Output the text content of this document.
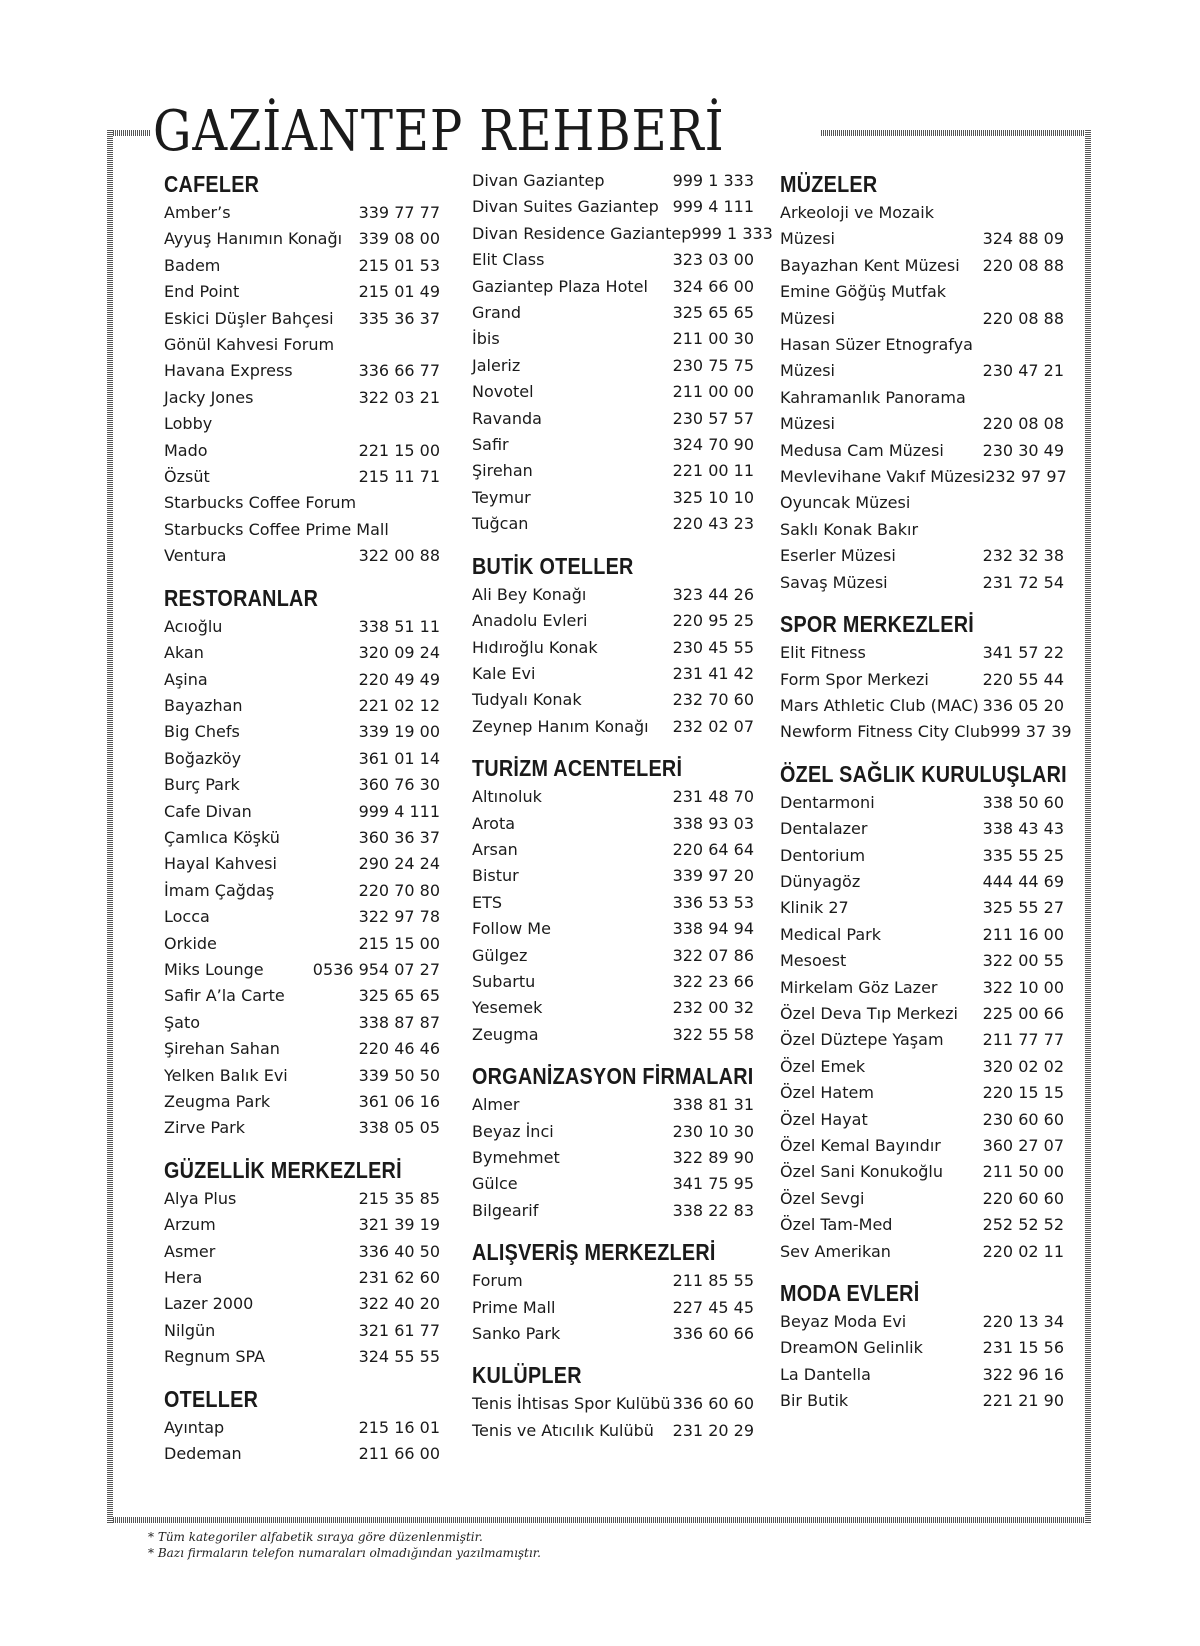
GAZİANTEP REHBERİ
CAFELER
Amber’s	339 77 77
Ayyuş Hanımın Konağı 339 08 00
Badem	215 01 53
End Point	215 01 49
Eskici Düşler Bahçesi 335 36 37
Gönül Kahvesi Forum
Havana Express	336 66 77
Jacky Jones	322 03 21
Lobby
Mado	221 15 00
Özsüt	215 11 71
Starbucks Coffee Forum
Starbucks Coffee Prime Mall
Ventura	322 00 88
RESTORANLAR
Acıoğlu	338 51 11
Akan	320 09 24
Aşina	220 49 49
Bayazhan	221 02 12
Big Chefs	339 19 00
Boğazköy	361 01 14
Burç Park	360 76 30
Cafe Divan	999 4 111
Çamlıca Köşkü	360 36 37
Hayal Kahvesi	290 24 24
İmam Çağdaş	220 70 80
Locca	322 97 78
Orkide	215 15 00
Miks Lounge	0536 954 07 27
Safir A’la Carte	325 65 65
Şato	338 87 87
Şirehan Sahan	220 46 46
Yelken Balık Evi	339 50 50
Zeugma Park	361 06 16
Zirve Park	338 05 05
GÜZELLİK MERKEZLERİ
Alya Plus	215 35 85
Arzum	321 39 19
Asmer	336 40 50
Hera	231 62 60
Lazer 2000	322 40 20
Nilgün	321 61 77
Regnum SPA	324 55 55
OTELLER
Ayıntap	215 16 01
Dedeman	211 66 00
Divan Gaziantep	999 1 333
Divan Suites Gaziantep 999 4 111
Divan Residence Gaziantep 999 1 333
Elit Class	323 03 00
Gaziantep Plaza Hotel 324 66 00
Grand	325 65 65
İbis	211 00 30
Jaleriz	230 75 75
Novotel	211 00 00
Ravanda	230 57 57
Safir	324 70 90
Şirehan	221 00 11
Teymur	325 10 10
Tuğcan	220 43 23
BUTİK OTELLER
Ali Bey Konağı	323 44 26
Anadolu Evleri	220 95 25
Hıdıroğlu Konak	230 45 55
Kale Evi	231 41 42
Tudyalı Konak	232 70 60
Zeynep Hanım Konağı 232 02 07
TURİZM ACENTELERİ
Altınoluk	231 48 70
Arota	338 93 03
Arsan	220 64 64
Bistur	339 97 20
ETS	336 53 53
Follow Me	338 94 94
Gülgez	322 07 86
Subartu	322 23 66
Yesemek	232 00 32
Zeugma	322 55 58
ORGANİZASYON FİRMALARI
Almer	338 81 31
Beyaz İnci	230 10 30
Bymehmet	322 89 90
Gülce	341 75 95
Bilgearif	338 22 83
ALIŞVERİŞ MERKEZLERİ
Forum	211 85 55
Prime Mall	227 45 45
Sanko Park	336 60 66
KULÜPLER
Tenis İhtisas Spor Kulübü 336 60 60
Tenis ve Atıcılık Kulübü 231 20 29
MÜZELER
Arkeoloji ve Mozaik
Müzesi	324 88 09
Bayazhan Kent Müzesi 220 08 88
Emine Göğüş Mutfak
Müzesi	220 08 88
Hasan Süzer Etnografya
Müzesi	230 47 21
Kahramanlık Panorama
Müzesi	220 08 08
Medusa Cam Müzesi 230 30 49
Mevlevihane Vakıf Müzesi 232 97 97
Oyuncak Müzesi
Saklı Konak Bakır
Eserler Müzesi	232 32 38
Savaş Müzesi	231 72 54
SPOR MERKEZLERİ
Elit Fitness	341 57 22
Form Spor Merkezi	220 55 44
Mars Athletic Club (MAC) 336 05 20
Newform Fitness City Club 999 37 39
ÖZEL SAĞLIK KURULUŞLARI
Dentarmoni	338 50 60
Dentalazer	338 43 43
Dentorium	335 55 25
Dünyagöz	444 44 69
Klinik 27	325 55 27
Medical Park	211 16 00
Mesoest	322 00 55
Mirkelam Göz Lazer	322 10 00
Özel Deva Tıp Merkezi 225 00 66
Özel Düztepe Yaşam 211 77 77
Özel Emek	320 02 02
Özel Hatem	220 15 15
Özel Hayat	230 60 60
Özel Kemal Bayındır	360 27 07
Özel Sani Konukoğlu 211 50 00
Özel Sevgi	220 60 60
Özel Tam-Med	252 52 52
Sev Amerikan	220 02 11
MODA EVLERİ
Beyaz Moda Evi	220 13 34
DreamON Gelinlik	231 15 56
La Dantella	322 96 16
Bir Butik	221 21 90
* Tüm kategoriler alfabetik sıraya göre düzenlenmiştir.
* Bazı firmaların telefon numaraları olmadığından yazılmamıştır.
